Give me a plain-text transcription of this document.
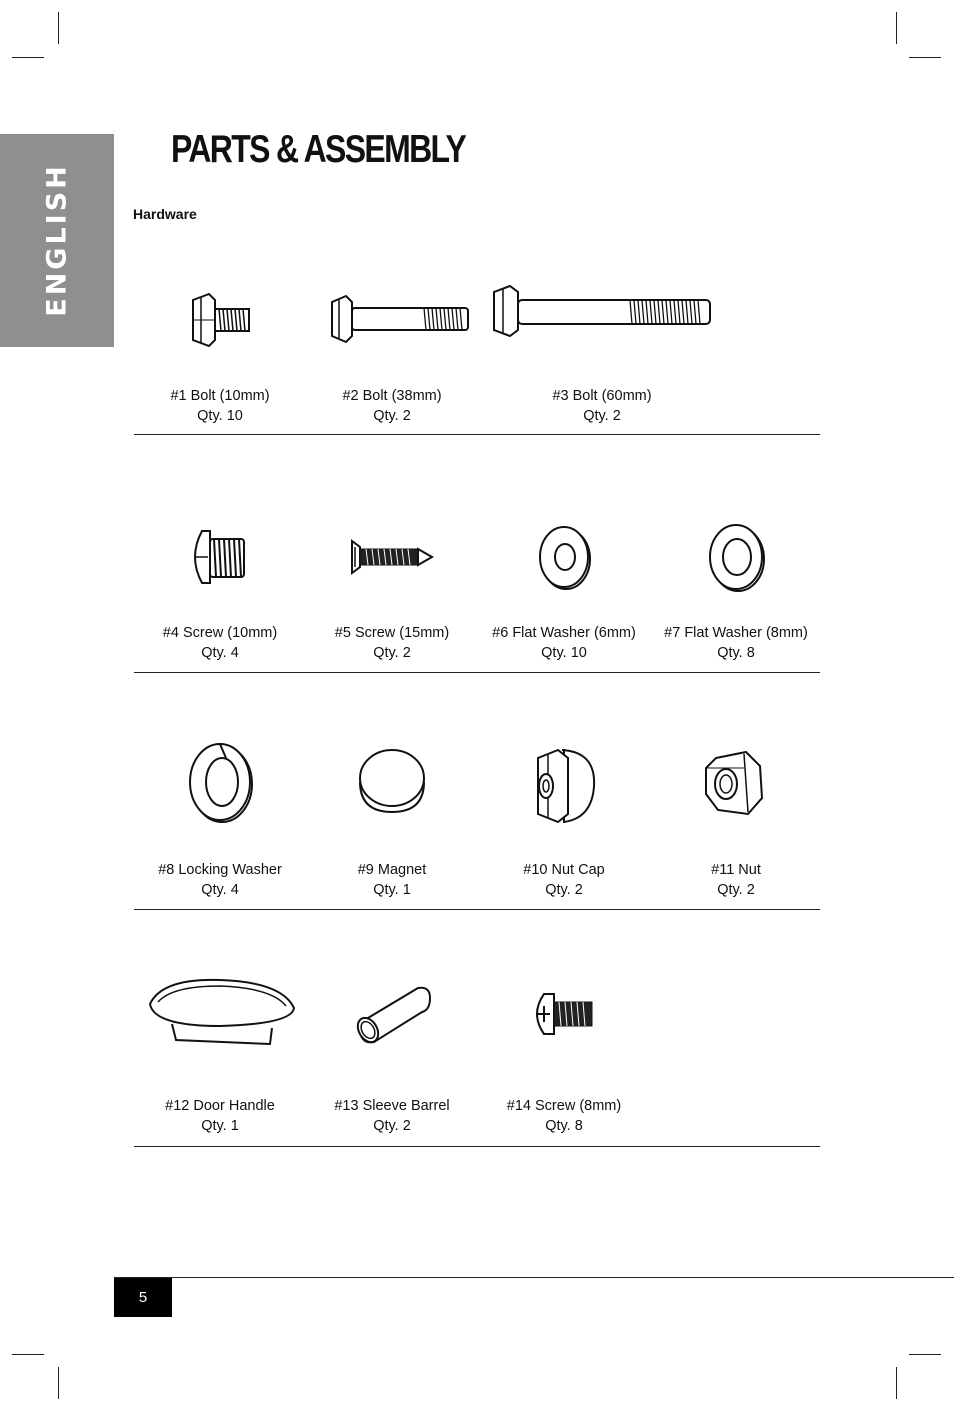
ENGLISH
PARTS & ASSEMBLY
Hardware
#1 Bolt (10mm)
Qty. 10
#2 Bolt (38mm)
Qty. 2
#3 Bolt (60mm)
Qty. 2
#4 Screw (10mm)
Qty. 4
#5 Screw (15mm)
Qty. 2
#6 Flat Washer (6mm)
Qty. 10
#7 Flat Washer (8mm)
Qty. 8
#8 Locking Washer
Qty. 4
#9 Magnet
Qty. 1
#10 Nut Cap
Qty. 2
#11 Nut
Qty. 2
#12 Door Handle
Qty. 1
#13 Sleeve Barrel
Qty. 2
#14 Screw (8mm)
Qty. 8
5
